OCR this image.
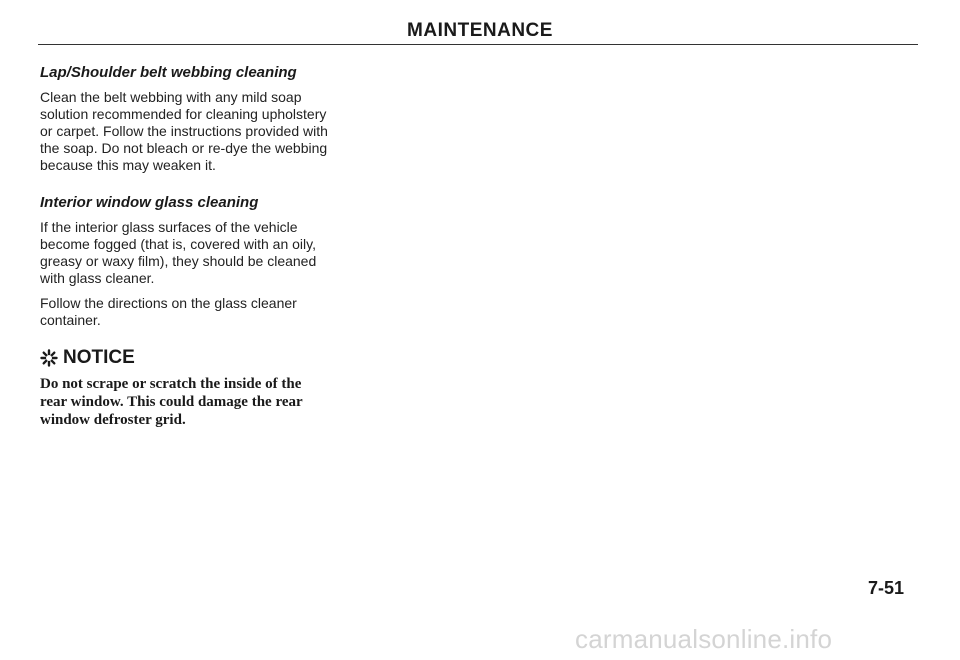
MAINTENANCE
Lap/Shoulder belt webbing cleaning

Clean the belt webbing with any mild soap solution recommended for cleaning upholstery or carpet. Follow the instructions provided with the soap. Do not bleach or re-dye the webbing because this may weaken it.

Interior window glass cleaning

If the interior glass surfaces of the vehicle become fogged (that is, covered with an oily, greasy or waxy film), they should be cleaned with glass cleaner.

Follow the directions on the glass cleaner container.

NOTICE

Do not scrape or scratch the inside of the rear window. This could damage the rear window defroster grid.

7-51
carmanualsonline.info
